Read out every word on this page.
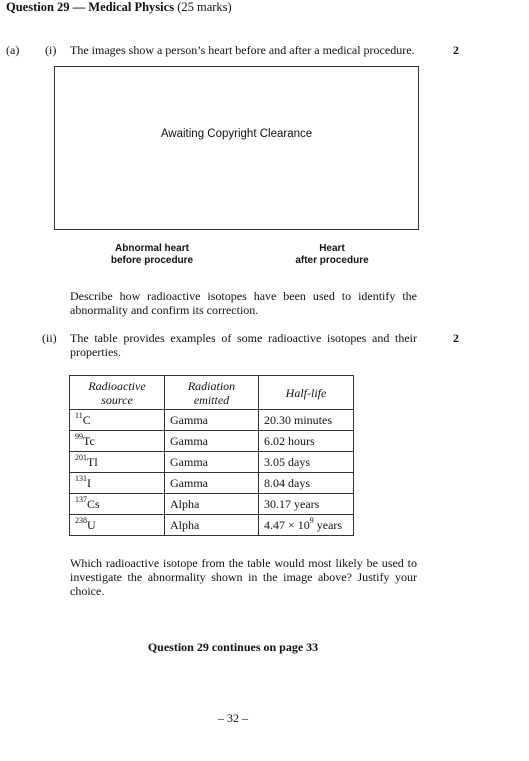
Question 29 — Medical Physics (25 marks)
(a) (i) The images show a person’s heart before and after a medical procedure.	2
Awaiting Copyright Clearance
Abnormal heart
before procedure
Heart
after procedure
Describe how radioactive isotopes have been used to identify the abnormality and confirm its correction.
(ii) The table provides examples of some radioactive isotopes and their properties.
2
Radioactive source	Radiation emitted	Half-life
$^{11}$C	Gamma	20.30 minutes
$^{99}$Tc	Gamma	6.02 hours
$^{201}$Tl	Gamma	3.05 days
$^{131}$I	Gamma	8.04 days
$^{137}$Cs	Alpha	30.17 years
$^{238}$U	Alpha	$4.47 \times 10^9$ years
Which radioactive isotope from the table would most likely be used to investigate the abnormality shown in the image above? Justify your choice.
Question 29 continues on page 33
– 32 –
